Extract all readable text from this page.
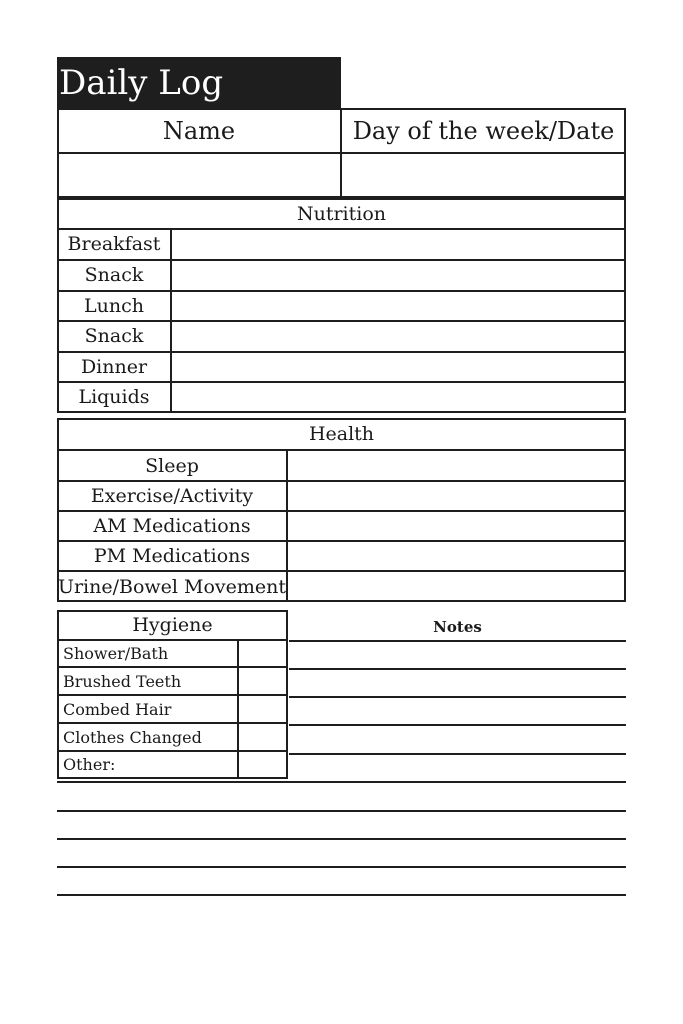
Daily Log
Name	Day of the week/Date
Nutrition
Breakfast
Snack
Lunch
Snack
Dinner
Liquids
Health
Sleep
Exercise/Activity
AM Medications
PM Medications
Urine/Bowel Movement
Hygiene
Shower/Bath
Brushed Teeth
Combed Hair
Clothes Changed
Other:
Notes
